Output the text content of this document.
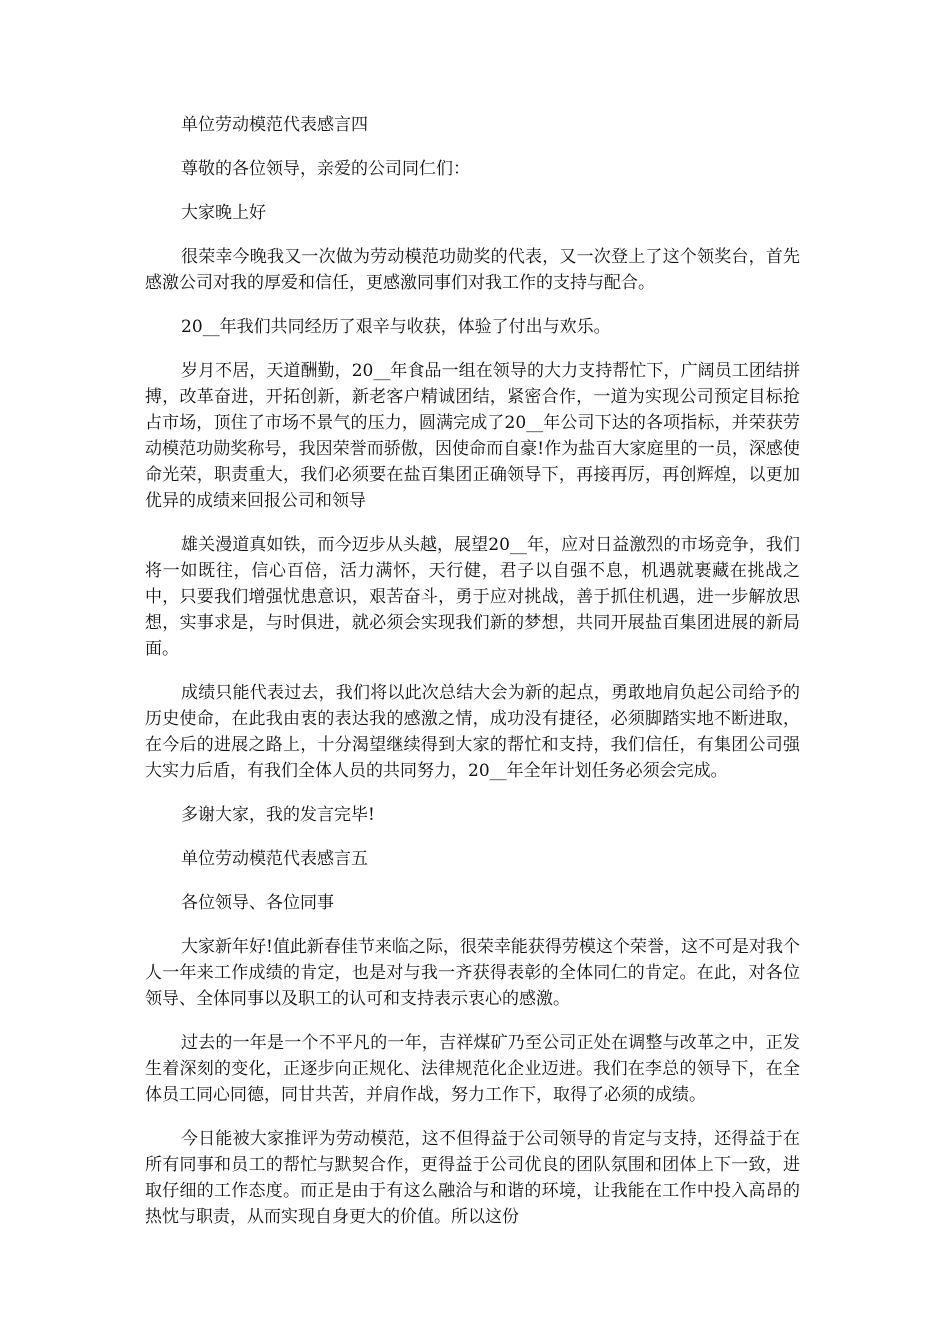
单位劳动模范代表感言四

尊敬的各位领导，亲爱的公司同仁们：

大家晚上好

很荣幸今晚我又一次做为劳动模范功勋奖的代表，又一次登上了这个领奖台，首先感激公司对我的厚爱和信任，更感激同事们对我工作的支持与配合。

20__年我们共同经历了艰辛与收获，体验了付出与欢乐。

岁月不居，天道酬勤，20__年食品一组在领导的大力支持帮忙下，广阔员工团结拼搏，改革奋进，开拓创新，新老客户精诚团结，紧密合作，一道为实现公司预定目标抢占市场，顶住了市场不景气的压力，圆满完成了20__年公司下达的各项指标，并荣获劳动模范功勋奖称号，我因荣誉而骄傲，因使命而自豪!作为盐百大家庭里的一员，深感使命光荣，职责重大，我们必须要在盐百集团正确领导下，再接再厉，再创辉煌，以更加优异的成绩来回报公司和领导

雄关漫道真如铁，而今迈步从头越，展望20__年，应对日益激烈的市场竞争，我们将一如既往，信心百倍，活力满怀，天行健，君子以自强不息，机遇就裹藏在挑战之中，只要我们增强忧患意识，艰苦奋斗，勇于应对挑战，善于抓住机遇，进一步解放思想，实事求是，与时俱进，就必须会实现我们新的梦想，共同开展盐百集团进展的新局面。

成绩只能代表过去，我们将以此次总结大会为新的起点，勇敢地肩负起公司给予的历史使命，在此我由衷的表达我的感激之情，成功没有捷径，必须脚踏实地不断进取，在今后的进展之路上，十分渴望继续得到大家的帮忙和支持，我们信任，有集团公司强大实力后盾，有我们全体人员的共同努力，20__年全年计划任务必须会完成。

多谢大家，我的发言完毕!

单位劳动模范代表感言五

各位领导、各位同事

大家新年好!值此新春佳节来临之际，很荣幸能获得劳模这个荣誉，这不可是对我个人一年来工作成绩的肯定，也是对与我一齐获得表彰的全体同仁的肯定。在此，对各位领导、全体同事以及职工的认可和支持表示衷心的感激。

过去的一年是一个不平凡的一年，吉祥煤矿乃至公司正处在调整与改革之中，正发生着深刻的变化，正逐步向正规化、法律规范化企业迈进。我们在李总的领导下，在全体员工同心同德，同甘共苦，并肩作战，努力工作下，取得了必须的成绩。

今日能被大家推评为劳动模范，这不但得益于公司领导的肯定与支持，还得益于在所有同事和员工的帮忙与默契合作，更得益于公司优良的团队氛围和团体上下一致，进取仔细的工作态度。而正是由于有这么融洽与和谐的环境，让我能在工作中投入高昂的热忱与职责，从而实现自身更大的价值。所以这份
